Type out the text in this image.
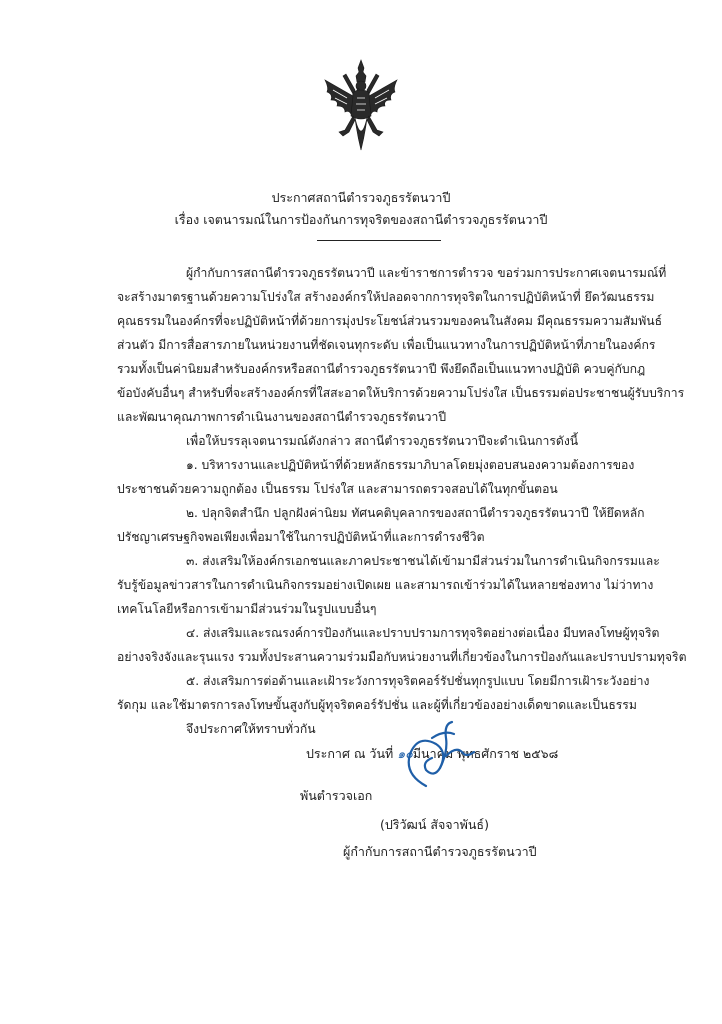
ประกาศสถานีตำรวจภูธรรัตนวาปี
เรื่อง เจตนารมณ์ในการป้องกันการทุจริตของสถานีตำรวจภูธรรัตนวาปี
ผู้กำกับการสถานีตำรวจภูธรรัตนวาปี และข้าราชการตำรวจ ขอร่วมการประกาศเจตนารมณ์ที่
จะสร้างมาตรฐานด้วยความโปร่งใส สร้างองค์กรให้ปลอดจากการทุจริตในการปฏิบัติหน้าที่ ยึดวัฒนธรรม
คุณธรรมในองค์กรที่จะปฏิบัติหน้าที่ด้วยการมุ่งประโยชน์ส่วนรวมของคนในสังคม มีคุณธรรมความสัมพันธ์
ส่วนตัว มีการสื่อสารภายในหน่วยงานที่ชัดเจนทุกระดับ เพื่อเป็นแนวทางในการปฏิบัติหน้าที่ภายในองค์กร
รวมทั้งเป็นค่านิยมสำหรับองค์กรหรือสถานีตำรวจภูธรรัตนวาปี พึงยึดถือเป็นแนวทางปฏิบัติ ควบคู่กับกฎ
ข้อบังคับอื่นๆ สำหรับที่จะสร้างองค์กรที่ใสสะอาดให้บริการด้วยความโปร่งใส เป็นธรรมต่อประชาชนผู้รับบริการ
และพัฒนาคุณภาพการดำเนินงานของสถานีตำรวจภูธรรัตนวาปี
เพื่อให้บรรลุเจตนารมณ์ดังกล่าว สถานีตำรวจภูธรรัตนวาปีจะดำเนินการดังนี้
๑. บริหารงานและปฏิบัติหน้าที่ด้วยหลักธรรมาภิบาลโดยมุ่งตอบสนองความต้องการของ
ประชาชนด้วยความถูกต้อง เป็นธรรม โปร่งใส และสามารถตรวจสอบได้ในทุกขั้นตอน
๒. ปลุกจิตสำนึก ปลูกฝังค่านิยม ทัศนคติบุคลากรของสถานีตำรวจภูธรรัตนวาปี ให้ยึดหลัก
ปรัชญาเศรษฐกิจพอเพียงเพื่อมาใช้ในการปฏิบัติหน้าที่และการดำรงชีวิต
๓. ส่งเสริมให้องค์กรเอกชนและภาคประชาชนได้เข้ามามีส่วนร่วมในการดำเนินกิจกรรมและ
รับรู้ข้อมูลข่าวสารในการดำเนินกิจกรรมอย่างเปิดเผย และสามารถเข้าร่วมได้ในหลายช่องทาง ไม่ว่าทาง
เทคโนโลยีหรือการเข้ามามีส่วนร่วมในรูปแบบอื่นๆ
๔. ส่งเสริมและรณรงค์การป้องกันและปราบปรามการทุจริตอย่างต่อเนื่อง มีบทลงโทษผู้ทุจริต
อย่างจริงจังและรุนแรง รวมทั้งประสานความร่วมมือกับหน่วยงานที่เกี่ยวข้องในการป้องกันและปราบปรามทุจริต
๕. ส่งเสริมการต่อต้านและเฝ้าระวังการทุจริตคอร์รัปชั่นทุกรูปแบบ โดยมีการเฝ้าระวังอย่าง
รัดกุม และใช้มาตรการลงโทษขั้นสูงกับผู้ทุจริตคอร์รัปชั่น และผู้ที่เกี่ยวข้องอย่างเด็ดขาดและเป็นธรรม
จึงประกาศให้ทราบทั่วกัน
ประกาศ ณ วันที่ ๑๐มีนาคม พุทธศักราช ๒๕๖๘
พันตำรวจเอก
(ปริวัฒน์ สัจจาพันธ์)
ผู้กำกับการสถานีตำรวจภูธรรัตนวาปี
